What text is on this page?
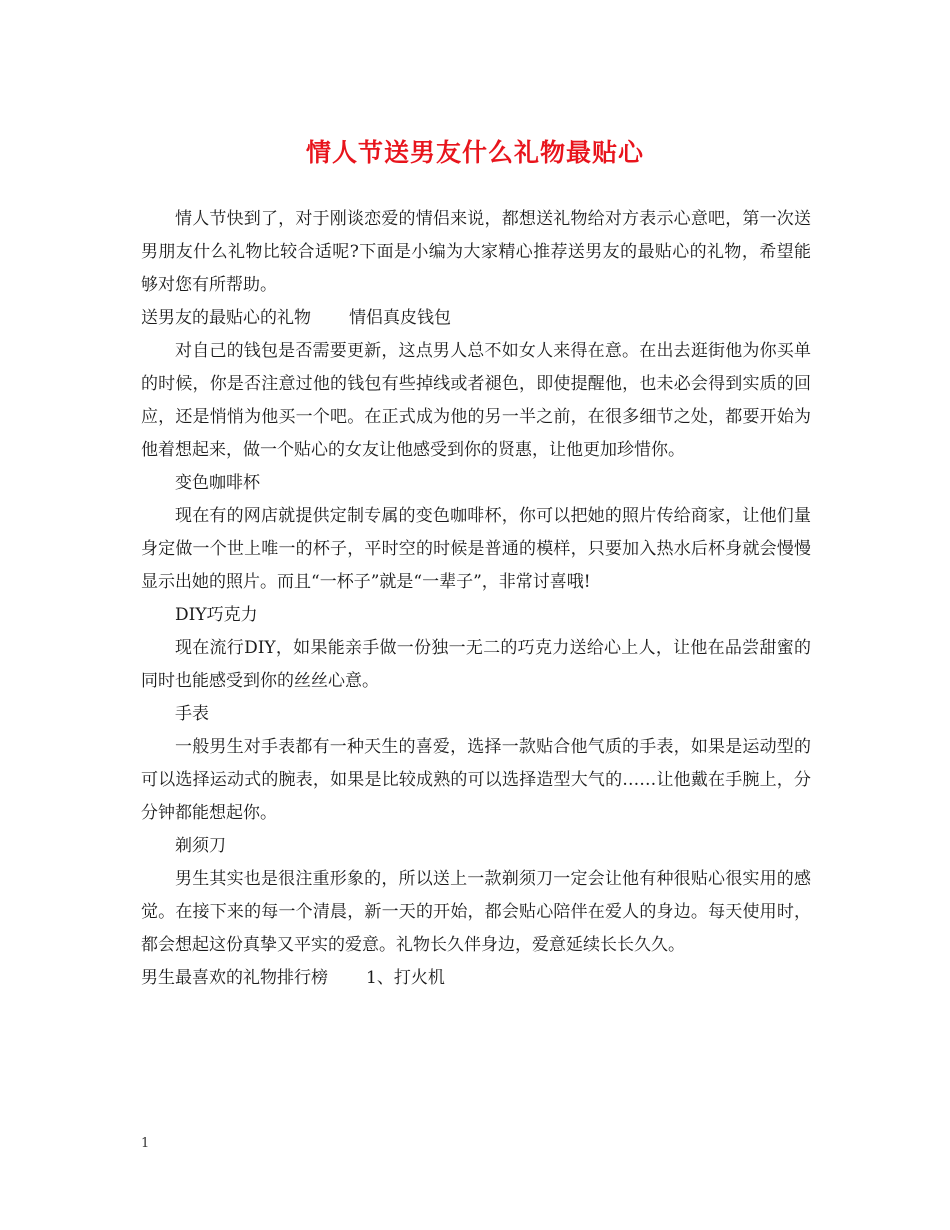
情人节送男友什么礼物最贴心

情人节快到了，对于刚谈恋爱的情侣来说，都想送礼物给对方表示心意吧，第一次送男朋友什么礼物比较合适呢?下面是小编为大家精心推荐送男友的最贴心的礼物，希望能够对您有所帮助。

送男友的最贴心的礼物 情侣真皮钱包

对自己的钱包是否需要更新，这点男人总不如女人来得在意。在出去逛街他为你买单的时候，你是否注意过他的钱包有些掉线或者褪色，即使提醒他，也未必会得到实质的回应，还是悄悄为他买一个吧。在正式成为他的另一半之前，在很多细节之处，都要开始为他着想起来，做一个贴心的女友让他感受到你的贤惠，让他更加珍惜你。

变色咖啡杯

现在有的网店就提供定制专属的变色咖啡杯，你可以把她的照片传给商家，让他们量身定做一个世上唯一的杯子，平时空的时候是普通的模样，只要加入热水后杯身就会慢慢显示出她的照片。而且“一杯子”就是“一辈子”，非常讨喜哦!

DIY巧克力

现在流行DIY，如果能亲手做一份独一无二的巧克力送给心上人，让他在品尝甜蜜的同时也能感受到你的丝丝心意。

手表

一般男生对手表都有一种天生的喜爱，选择一款贴合他气质的手表，如果是运动型的可以选择运动式的腕表，如果是比较成熟的可以选择造型大气的……让他戴在手腕上，分分钟都能想起你。

剃须刀

男生其实也是很注重形象的，所以送上一款剃须刀一定会让他有种很贴心很实用的感觉。在接下来的每一个清晨，新一天的开始，都会贴心陪伴在爱人的身边。每天使用时，都会想起这份真挚又平实的爱意。礼物长久伴身边，爱意延续长长久久。

男生最喜欢的礼物排行榜 1、打火机

1
